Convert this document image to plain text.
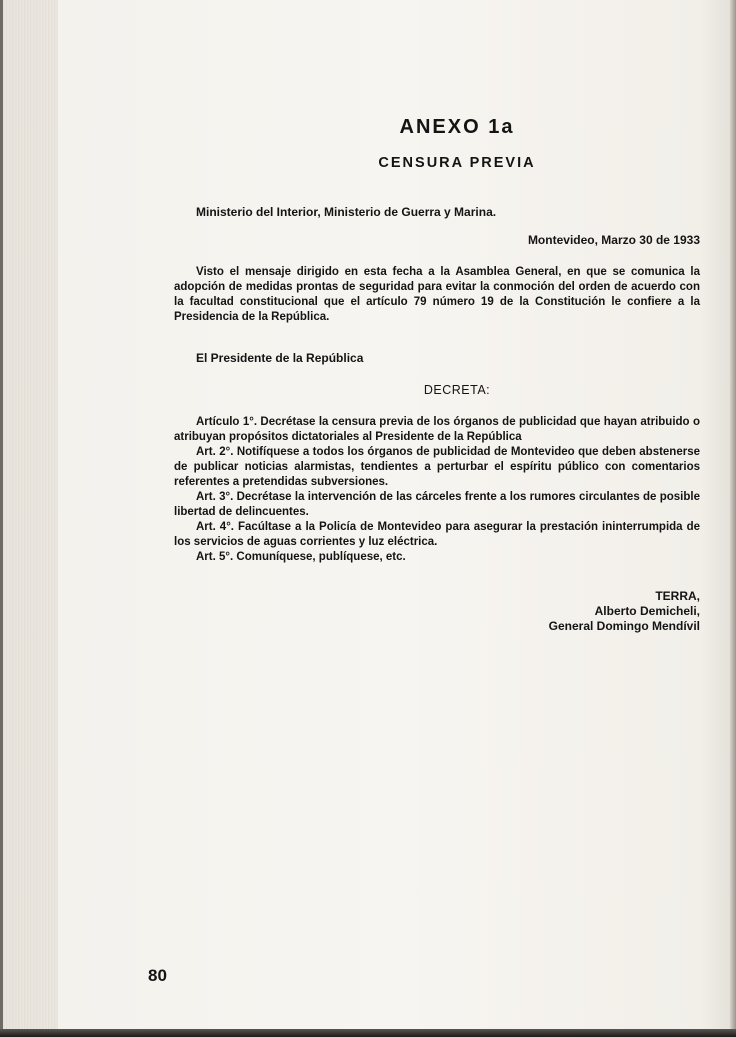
ANEXO 1a
CENSURA PREVIA
Ministerio del Interior, Ministerio de Guerra y Marina.
Montevideo, Marzo 30 de 1933

Visto el mensaje dirigido en esta fecha a la Asamblea General, en que se comunica la adopción de medidas prontas de seguridad para evitar la conmoción del orden de acuerdo con la facultad constitucional que el artículo 79 número 19 de la Constitución le confiere a la Presidencia de la República.

El Presidente de la República
DECRETA:

Artículo 1°. Decrétase la censura previa de los órganos de publicidad que hayan atribuido o atribuyan propósitos dictatoriales al Presidente de la República

Art. 2°. Notifíquese a todos los órganos de publicidad de Montevideo que deben abstenerse de publicar noticias alarmistas, tendientes a perturbar el espíritu público con comentarios referentes a pretendidas subversiones.

Art. 3°. Decrétase la intervención de las cárceles frente a los rumores circulantes de posible libertad de delincuentes.

Art. 4°. Facúltase a la Policía de Montevideo para asegurar la prestación ininterrumpida de los servicios de aguas corrientes y luz eléctrica.

Art. 5°. Comuníquese, publíquese, etc.

TERRA,
Alberto Demicheli,
General Domingo Mendívil
80
